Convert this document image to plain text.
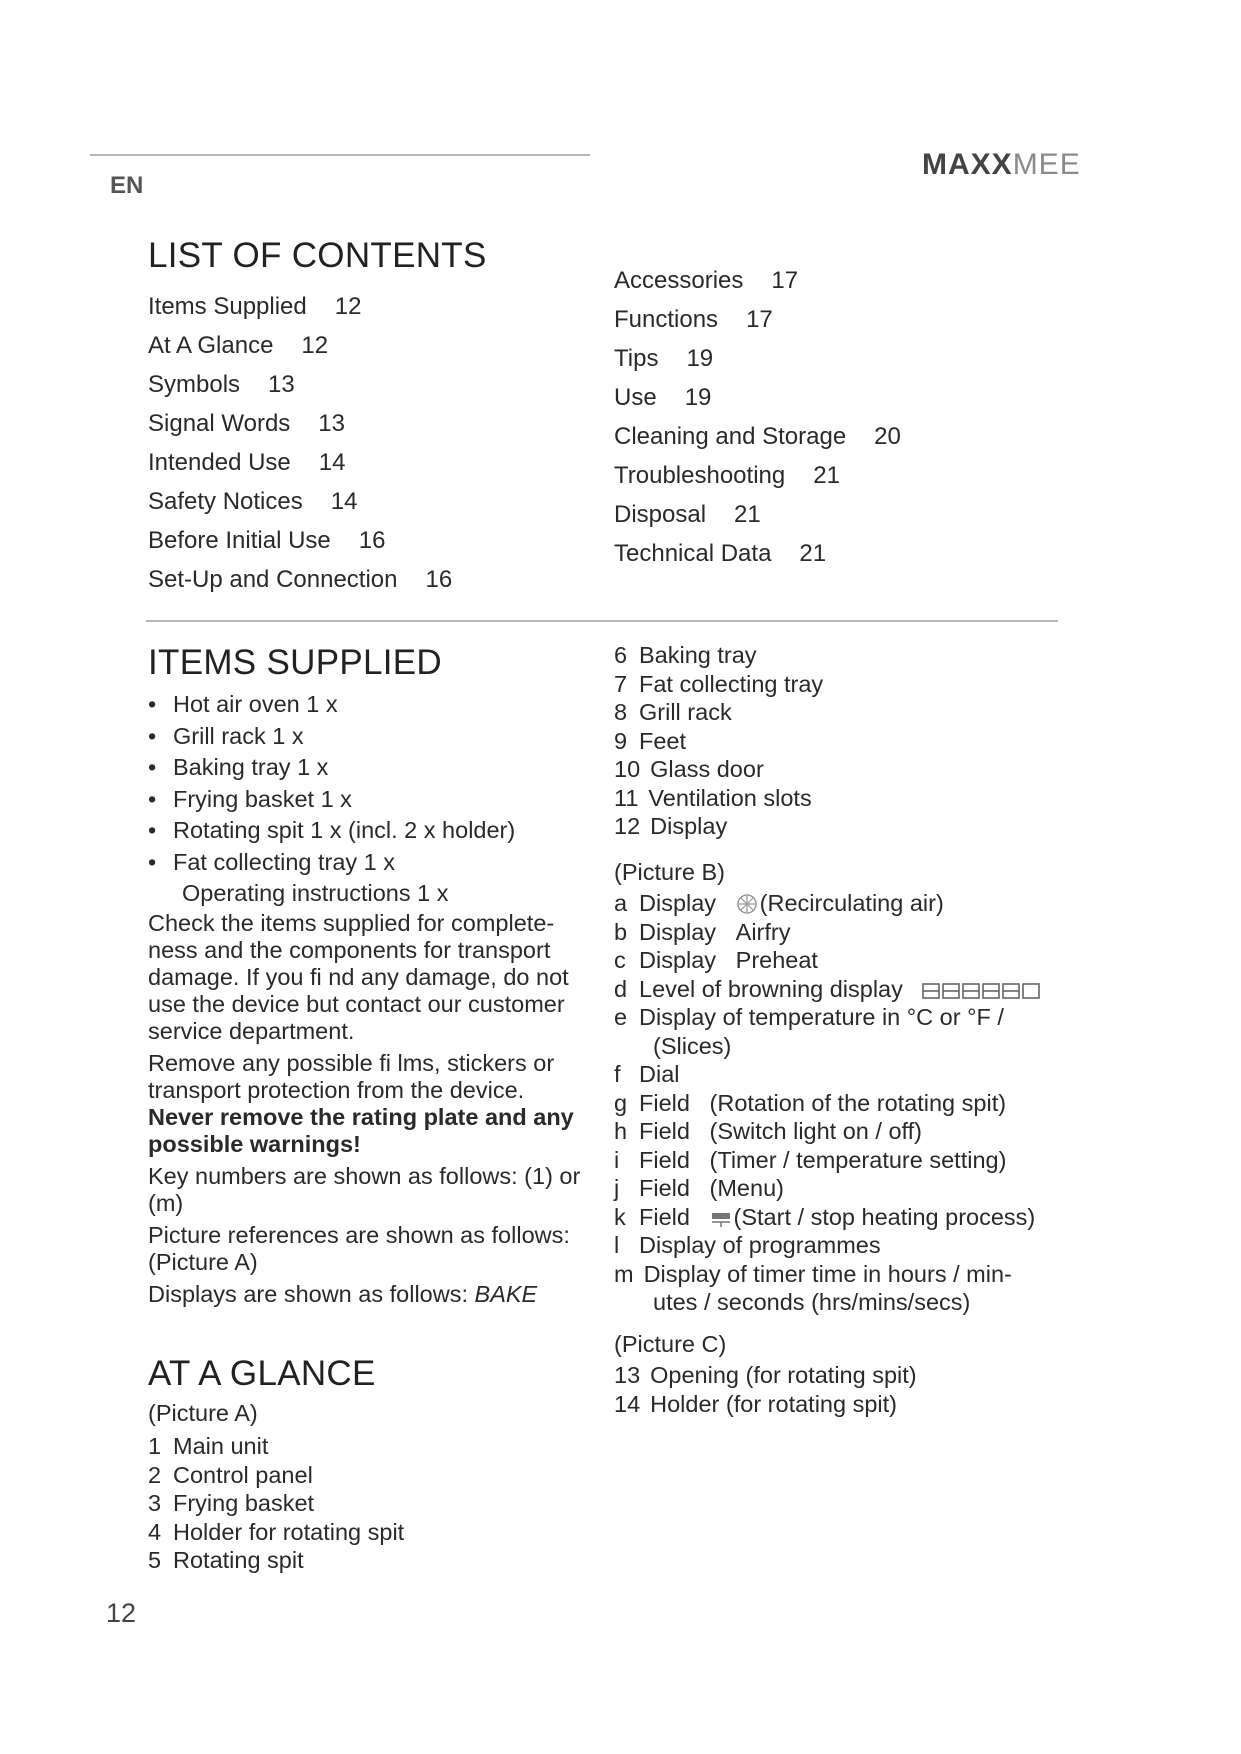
EN
MAXXMEE
LIST OF CONTENTS
Items Supplied 12
At A Glance 12
Symbols 13
Signal Words 13
Intended Use 14
Safety Notices 14
Before Initial Use 16
Set-Up and Connection 16
Accessories 17
Functions 17
Tips 19
Use 19
Cleaning and Storage 20
Troubleshooting 21
Disposal 21
Technical Data 21
ITEMS SUPPLIED
• Hot air oven 1 x
• Grill rack 1 x
• Baking tray 1 x
• Frying basket 1 x
• Rotating spit 1 x (incl. 2 x holder)
• Fat collecting tray 1 x
Operating instructions 1 x

Check the items supplied for complete-ness and the components for transport damage. If you fi nd any damage, do not use the device but contact our customer service department.

Remove any possible fi lms, stickers or transport protection from the device.

Never remove the rating plate and any possible warnings!

Key numbers are shown as follows: (1) or (m)

Picture references are shown as follows: (Picture A)

Displays are shown as follows: BAKE

AT A GLANCE
(Picture A)
1 Main unit
2 Control panel
3 Frying basket
4 Holder for rotating spit
5 Rotating spit
6 Baking tray
7 Fat collecting tray
8 Grill rack
9 Feet
10 Glass door
11 Ventilation slots
12 Display
(Picture B)
a Display (Recirculating air)
b Display Airfry
c Display Preheat
d Level of browning display
e Display of temperature in °C or °F /
(Slices)
f Dial
g Field (Rotation of the rotating spit)
h Field (Switch light on / off)
i Field (Timer / temperature setting)
j Field (Menu)
k Field (Start / stop heating process)
l Display of programmes
m Display of timer time in hours / min-
utes / seconds (hrs/mins/secs)
(Picture C)
13 Opening (for rotating spit)
14 Holder (for rotating spit)
12
